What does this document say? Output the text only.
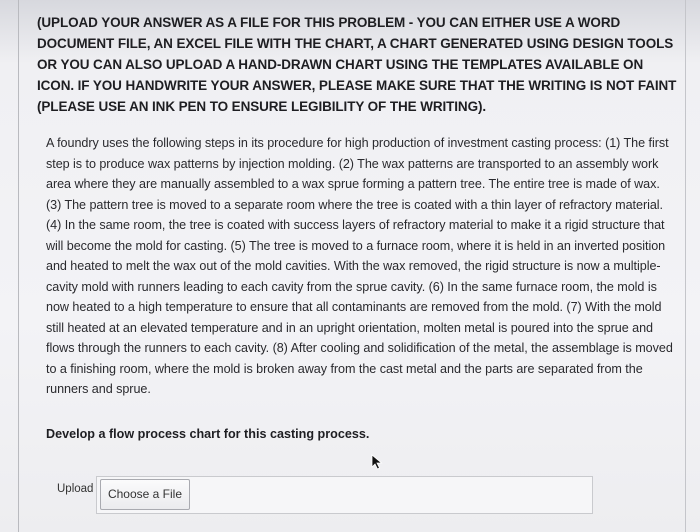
(UPLOAD YOUR ANSWER AS A FILE FOR THIS PROBLEM - YOU CAN EITHER USE A WORD DOCUMENT FILE, AN EXCEL FILE WITH THE CHART, A CHART GENERATED USING DESIGN TOOLS OR YOU CAN ALSO UPLOAD A HAND-DRAWN CHART USING THE TEMPLATES AVAILABLE ON ICON. IF YOU HANDWRITE YOUR ANSWER, PLEASE MAKE SURE THAT THE WRITING IS NOT FAINT (PLEASE USE AN INK PEN TO ENSURE LEGIBILITY OF THE WRITING).

A foundry uses the following steps in its procedure for high production of investment casting process: (1) The first step is to produce wax patterns by injection molding. (2) The wax patterns are transported to an assembly work area where they are manually assembled to a wax sprue forming a pattern tree. The entire tree is made of wax. (3) The pattern tree is moved to a separate room where the tree is coated with a thin layer of refractory material. (4) In the same room, the tree is coated with success layers of refractory material to make it a rigid structure that will become the mold for casting. (5) The tree is moved to a furnace room, where it is held in an inverted position and heated to melt the wax out of the mold cavities. With the wax removed, the rigid structure is now a multiple-cavity mold with runners leading to each cavity from the sprue cavity. (6) In the same furnace room, the mold is now heated to a high temperature to ensure that all contaminants are removed from the mold. (7) With the mold still heated at an elevated temperature and in an upright orientation, molten metal is poured into the sprue and flows through the runners to each cavity. (8) After cooling and solidification of the metal, the assemblage is moved to a finishing room, where the mold is broken away from the cast metal and the parts are separated from the runners and sprue.

Develop a flow process chart for this casting process.

Upload	Choose a File
